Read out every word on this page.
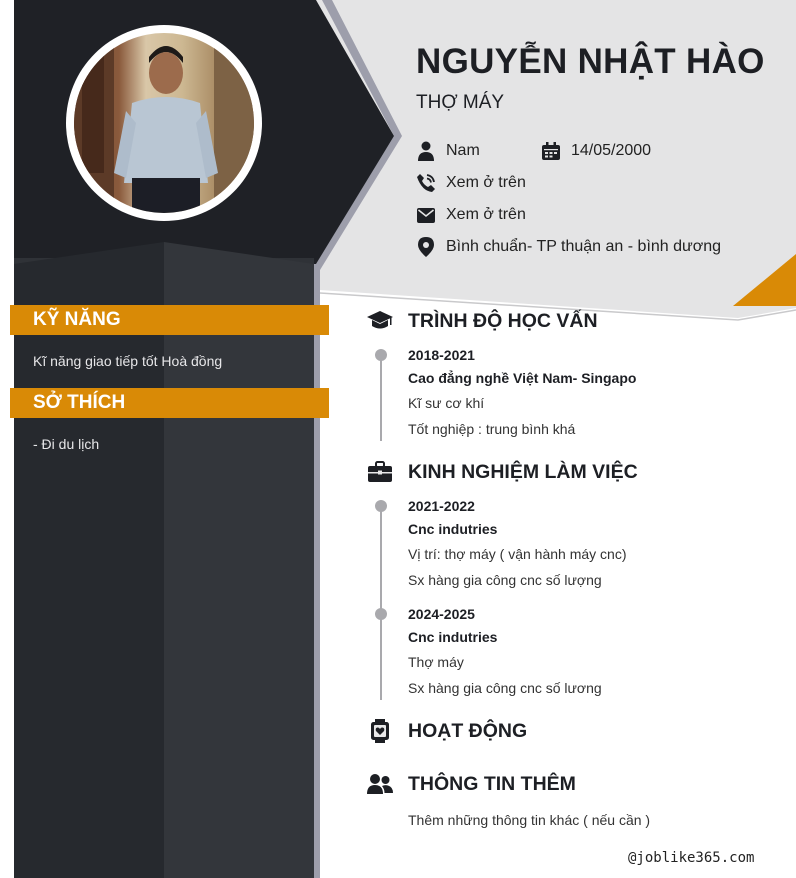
NGUYỄN NHẬT HÀO
THỢ MÁY
Nam	14/05/2000
Xem ở trên
Xem ở trên
Bình chuẩn- TP thuận an - bình dương
KỸ NĂNG
Kĩ năng giao tiếp tốt Hoà đồng
SỞ THÍCH
- Đi du lịch
TRÌNH ĐỘ HỌC VẤN
2018-2021
Cao đẳng nghề Việt Nam- Singapo
Kĩ sư cơ khí
Tốt nghiệp : trung bình khá
KINH NGHIỆM LÀM VIỆC
2021-2022
Cnc indutries
Vị trí: thợ máy ( vận hành máy cnc)
Sx hàng gia công cnc số lượng
2024-2025
Cnc indutries
Thợ máy
Sx hàng gia công cnc số lương
HOẠT ĐỘNG
THÔNG TIN THÊM
Thêm những thông tin khác ( nếu cần )
@joblike365.com
